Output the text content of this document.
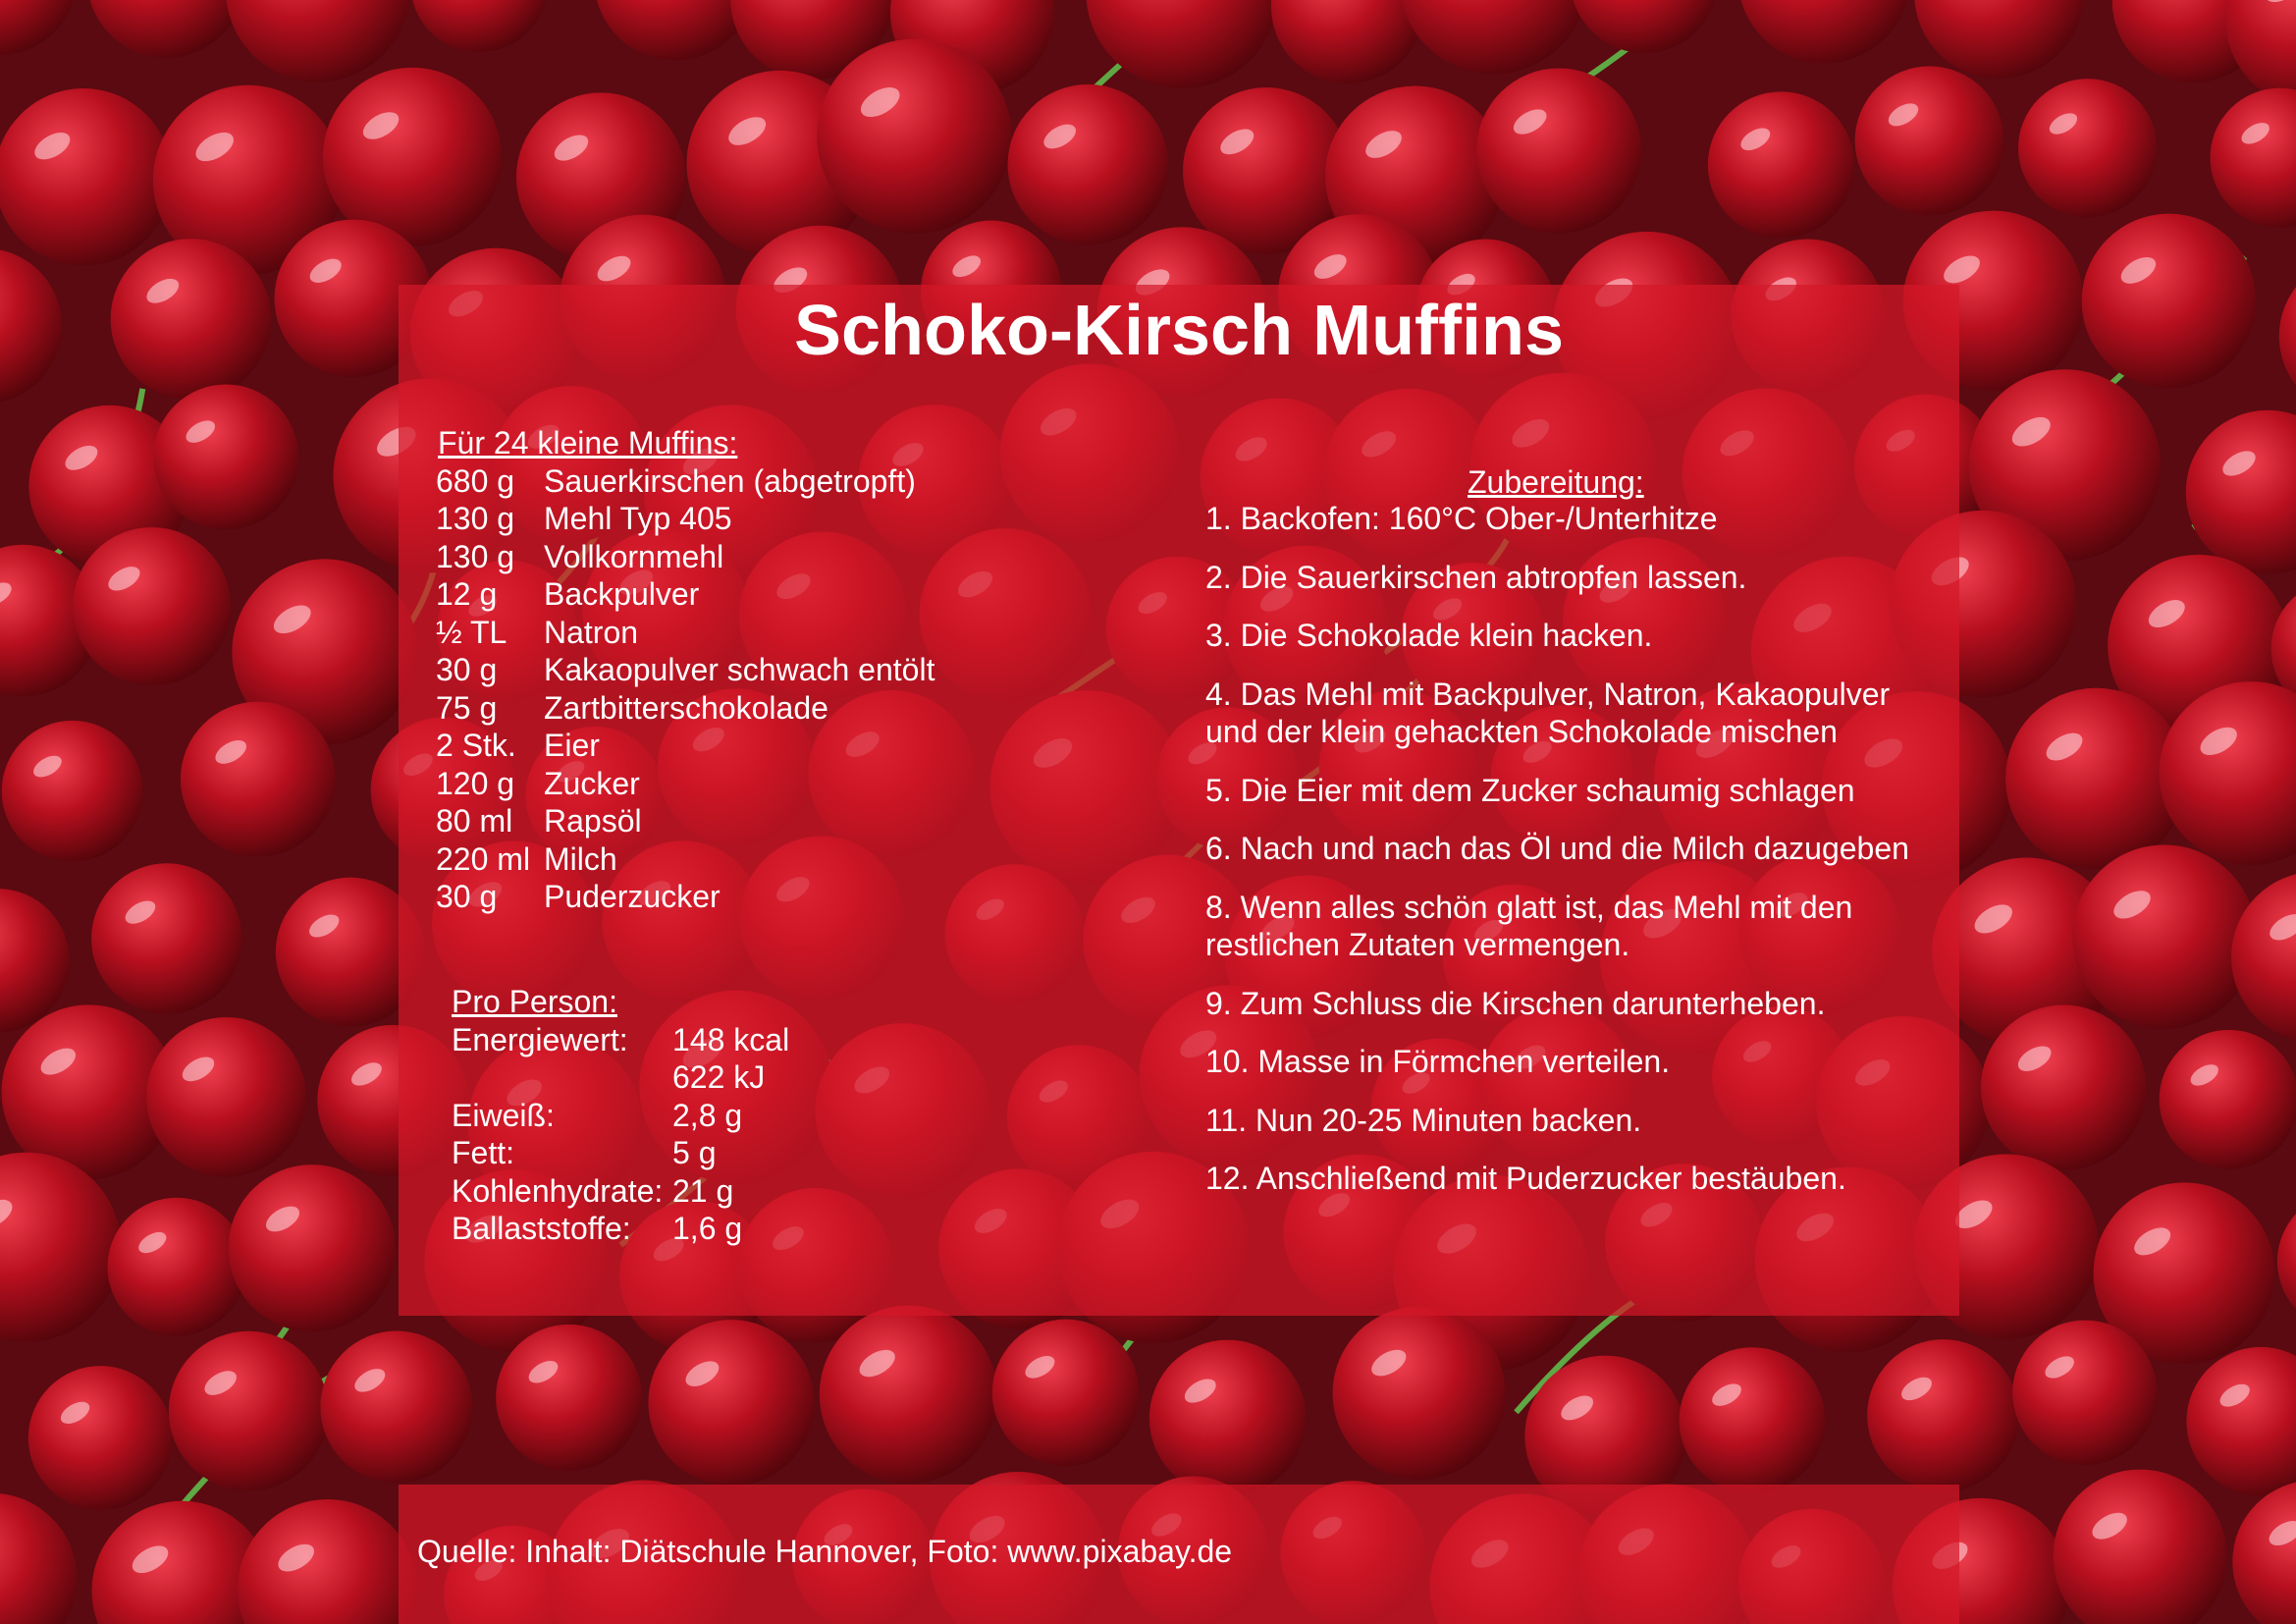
Schoko-Kirsch Muffins
Für 24 kleine Muffins:
680 g Sauerkirschen (abgetropft)
130 g Mehl Typ 405
130 g Vollkornmehl
12 g	Backpulver
½ TL	Natron
30 g	Kakaopulver schwach entölt
75 g	Zartbitterschokolade
2 Stk. Eier
120 g Zucker
80 ml Rapsöl
220 ml Milch
30 g	Puderzucker
Pro Person:
Energiewert:	148 kcal
622 kJ
Eiweiß:	2,8 g
Fett:	5 g
Kohlenhydrate: 21 g
Ballaststoffe:	1,6 g
Zubereitung:
1. Backofen: 160°C Ober-/Unterhitze
2. Die Sauerkirschen abtropfen lassen.
3. Die Schokolade klein hacken.
4. Das Mehl mit Backpulver, Natron, Kakaopulver und der klein gehackten Schokolade mischen
5. Die Eier mit dem Zucker schaumig schlagen
6. Nach und nach das Öl und die Milch dazugeben
8. Wenn alles schön glatt ist, das Mehl mit den restlichen Zutaten vermengen.
9. Zum Schluss die Kirschen darunterheben.
10. Masse in Förmchen verteilen.
11. Nun 20-25 Minuten backen.
12. Anschließend mit Puderzucker bestäuben.

Quelle: Inhalt: Diätschule Hannover, Foto: www.pixabay.de
